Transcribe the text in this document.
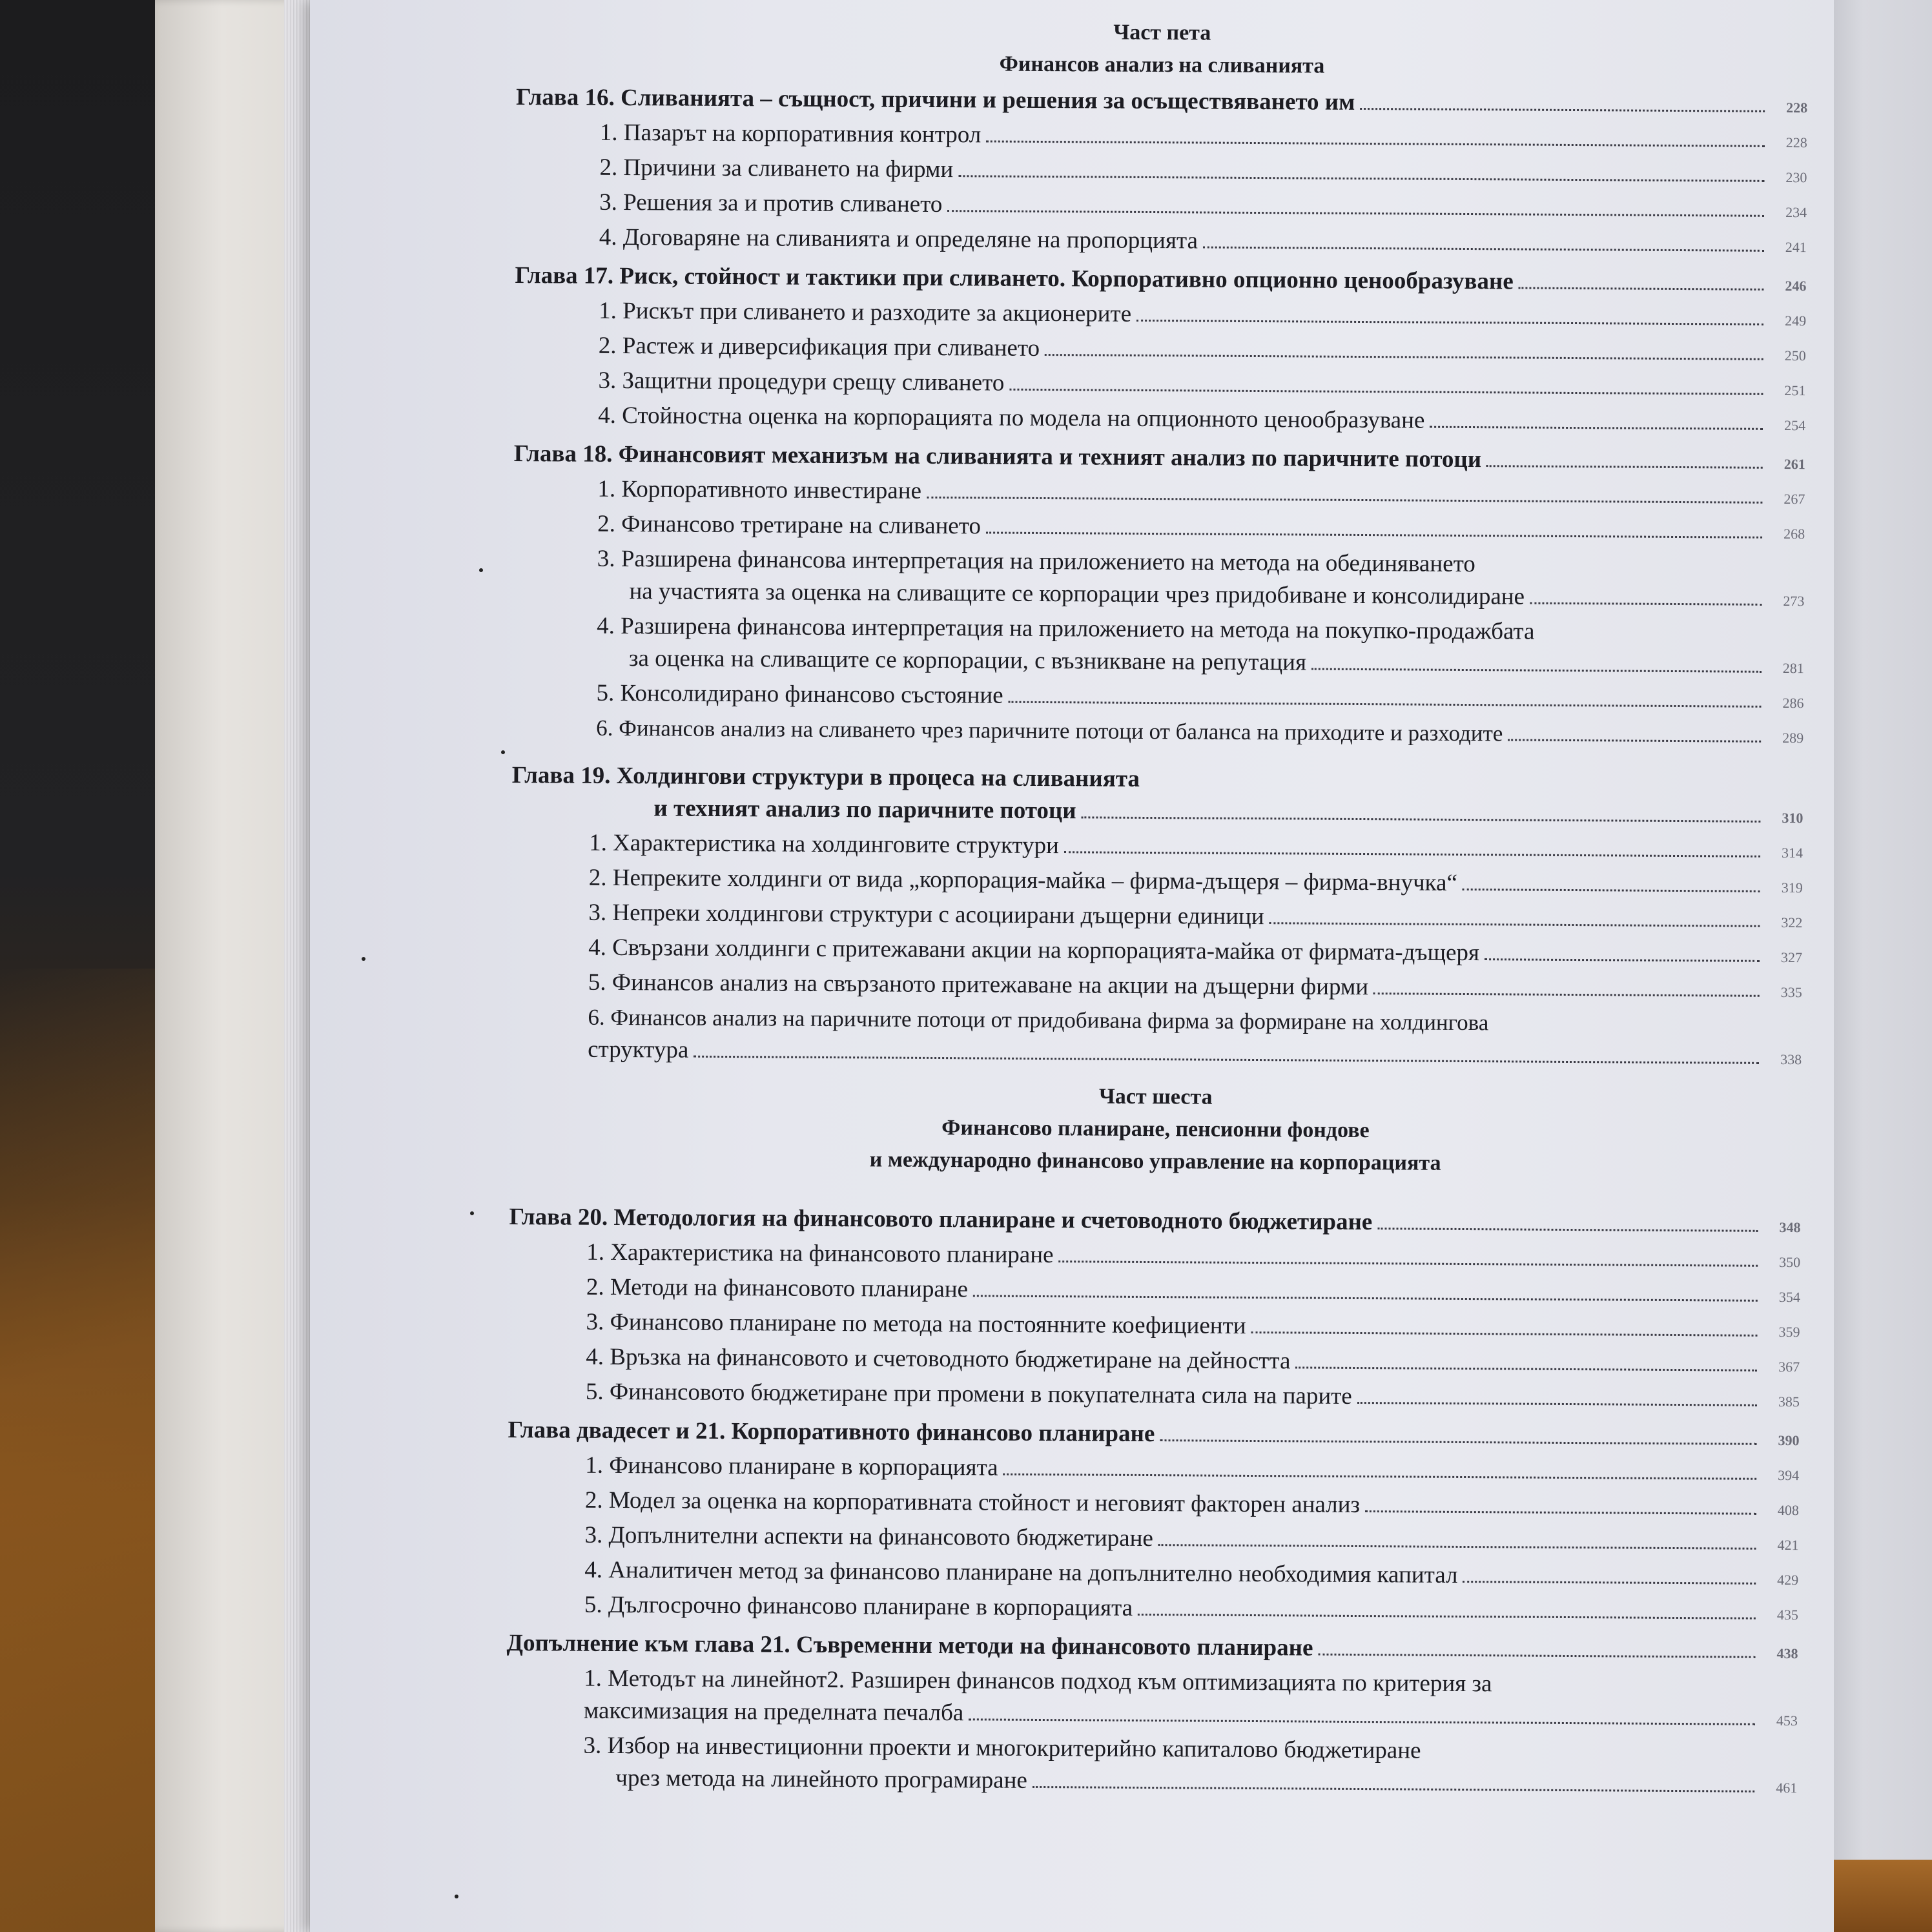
Част пета

Финансов анализ на сливанията

Глава 16. Сливанията – същност, причини и решения за осъществяването им	228
1. Пазарът на корпоративния контрол	228
2. Причини за сливането на фирми	230
3. Решения за и против сливането	234
4. Договаряне на сливанията и определяне на пропорцията	241
Глава 17. Риск, стойност и тактики при сливането. Корпоративно опционно ценообразуване	246
1. Рискът при сливането и разходите за акционерите	249
2. Растеж и диверсификация при сливането	250
3. Защитни процедури срещу сливането	251
4. Стойностна оценка на корпорацията по модела на опционното ценообразуване	254
Глава 18. Финансовият механизъм на сливанията и техният анализ по паричните потоци	261
1. Корпоративното инвестиране	267
2. Финансово третиране на сливането	268
3. Разширена финансова интерпретация на приложението на метода на обединяването
на участията за оценка на сливащите се корпорации чрез придобиване и консолидиране	273
4. Разширена финансова интерпретация на приложението на метода на покупко-продажбата
за оценка на сливащите се корпорации, с възникване на репутация	281
5. Консолидирано финансово състояние	286
6. Финансов анализ на сливането чрез паричните потоци от баланса на приходите и разходите	289
Глава 19. Холдингови структури в процеса на сливанията
и техният анализ по паричните потоци	310
1. Характеристика на холдинговите структури	314
2. Непреките холдинги от вида „корпорация-майка – фирма-дъщеря – фирма-внучка“	319
3. Непреки холдингови структури с асоциирани дъщерни единици	322
4. Свързани холдинги с притежавани акции на корпорацията-майка от фирмата-дъщеря	327
5. Финансов анализ на свързаното притежаване на акции на дъщерни фирми	335
6. Финансов анализ на паричните потоци от придобивана фирма за формиране на холдингова
структура	338

Част шеста

Финансово планиране, пенсионни фондове

и международно финансово управление на корпорацията

Глава 20. Методология на финансовото планиране и счетоводното бюджетиране	348
1. Характеристика на финансовото планиране	350
2. Методи на финансовото планиране	354
3. Финансово планиране по метода на постоянните коефициенти	359
4. Връзка на финансовото и счетоводното бюджетиране на дейността	367
5. Финансовото бюджетиране при промени в покупателната сила на парите	385
Глава двадесет и 21. Корпоративното финансово планиране	390
1. Финансово планиране в корпорацията	394
2. Модел за оценка на корпоративната стойност и неговият факторен анализ	408
3. Допълнителни аспекти на финансовото бюджетиране	421
4. Аналитичен метод за финансово планиране на допълнително необходимия капитал	429
5. Дългосрочно финансово планиране в корпорацията	435
Допълнение към глава 21. Съвременни методи на финансовото планиране	438
1. Методът на линейнот2. Разширен финансов подход към оптимизацията по критерия за
максимизация на пределната печалба	453
3. Избор на инвестиционни проекти и многокритерийно капиталово бюджетиране
чрез метода на линейното програмиране	461
